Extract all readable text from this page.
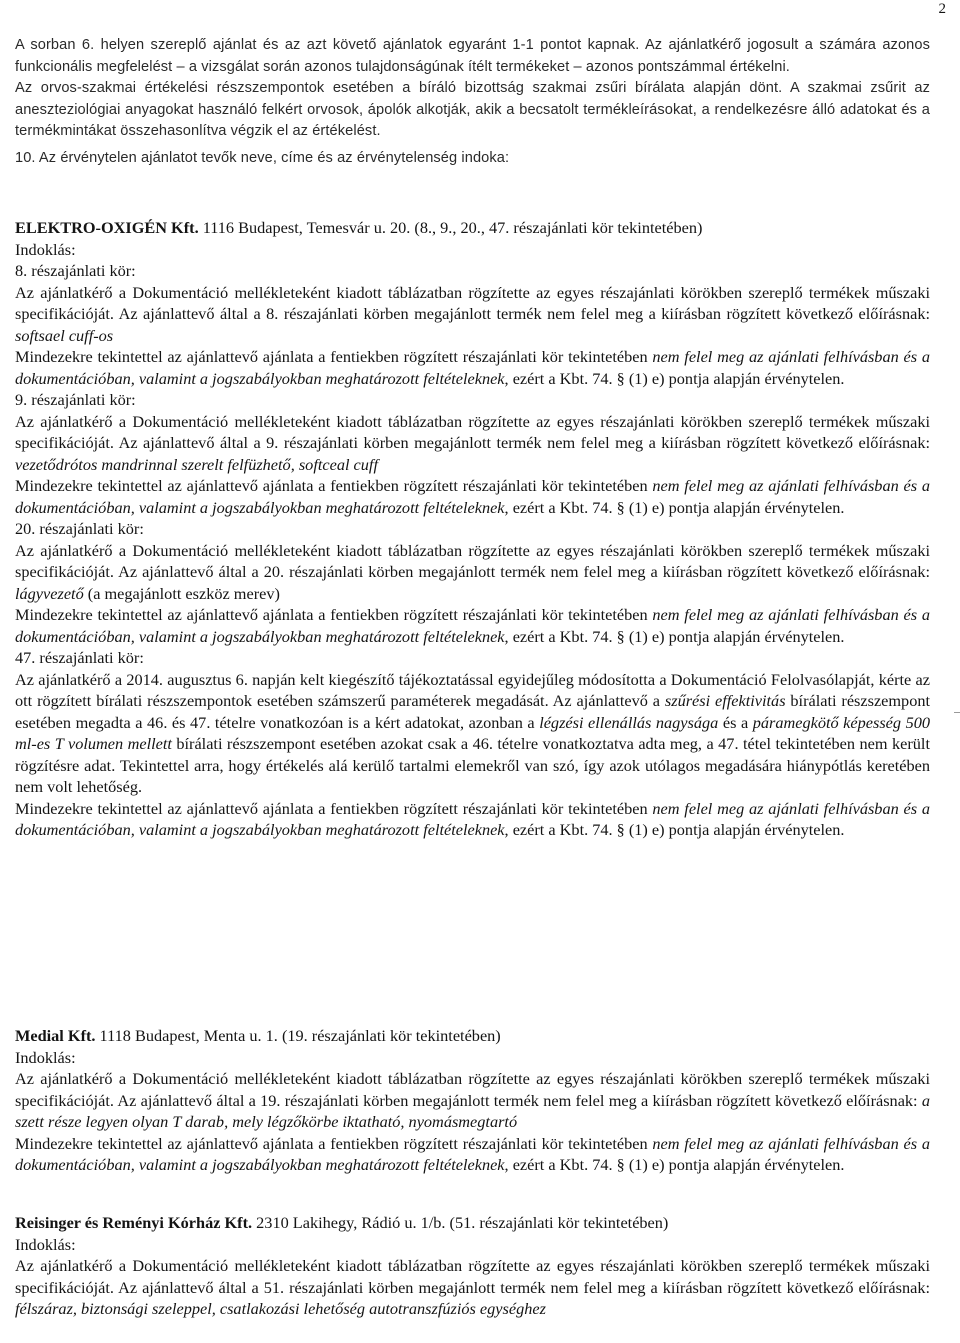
2

A sorban 6. helyen szereplő ajánlat és az azt követő ajánlatok egyaránt 1-1 pontot kapnak. Az ajánlatkérő jogosult a számára azonos funkcionális megfelelést – a vizsgálat során azonos tulajdonságúnak ítélt termékeket – azonos pontszámmal értékelni.

Az orvos-szakmai értékelési részszempontok esetében a bíráló bizottság szakmai zsűri bírálata alapján dönt. A szakmai zsűrit az aneszteziológiai anyagokat használó felkért orvosok, ápolók alkotják, akik a becsatolt termékleírásokat, a rendelkezésre álló adatokat és a termékmintákat összehasonlítva végzik el az értékelést.

10. Az érvénytelen ajánlatot tevők neve, címe és az érvénytelenség indoka:

ELEKTRO-OXIGÉN Kft. 1116 Budapest, Temesvár u. 20. (8., 9., 20., 47. részajánlati kör tekintetében)

Indoklás:

8. részajánlati kör:

Az ajánlatkérő a Dokumentáció mellékleteként kiadott táblázatban rögzítette az egyes részajánlati körökben szereplő termékek műszaki specifikációját. Az ajánlattevő által a 8. részajánlati körben megajánlott termék nem felel meg a kiírásban rögzített következő előírásnak: softsael cuff-os

Mindezekre tekintettel az ajánlattevő ajánlata a fentiekben rögzített részajánlati kör tekintetében nem felel meg az ajánlati felhívásban és a dokumentációban, valamint a jogszabályokban meghatározott feltételeknek, ezért a Kbt. 74. § (1) e) pontja alapján érvénytelen.

9. részajánlati kör:

Az ajánlatkérő a Dokumentáció mellékleteként kiadott táblázatban rögzítette az egyes részajánlati körökben szereplő termékek műszaki specifikációját. Az ajánlattevő által a 9. részajánlati körben megajánlott termék nem felel meg a kiírásban rögzített következő előírásnak: vezetődrótos mandrinnal szerelt felfüzhető, softceal cuff

Mindezekre tekintettel az ajánlattevő ajánlata a fentiekben rögzített részajánlati kör tekintetében nem felel meg az ajánlati felhívásban és a dokumentációban, valamint a jogszabályokban meghatározott feltételeknek, ezért a Kbt. 74. § (1) e) pontja alapján érvénytelen.

20. részajánlati kör:

Az ajánlatkérő a Dokumentáció mellékleteként kiadott táblázatban rögzítette az egyes részajánlati körökben szereplő termékek műszaki specifikációját. Az ajánlattevő által a 20. részajánlati körben megajánlott termék nem felel meg a kiírásban rögzített következő előírásnak: lágyvezető (a megajánlott eszköz merev)

Mindezekre tekintettel az ajánlattevő ajánlata a fentiekben rögzített részajánlati kör tekintetében nem felel meg az ajánlati felhívásban és a dokumentációban, valamint a jogszabályokban meghatározott feltételeknek, ezért a Kbt. 74. § (1) e) pontja alapján érvénytelen.

47. részajánlati kör:

Az ajánlatkérő a 2014. augusztus 6. napján kelt kiegészítő tájékoztatással egyidejűleg módosította a Dokumentáció Felolvasólapját, kérte az ott rögzített bírálati részszempontok esetében számszerű paraméterek megadását. Az ajánlattevő a szűrési effektivitás bírálati részszempont esetében megadta a 46. és 47. tételre vonatkozóan is a kért adatokat, azonban a légzési ellenállás nagysága és a páramegkötő képesség 500 ml-es T volumen mellett bírálati részszempont esetében azokat csak a 46. tételre vonatkoztatva adta meg, a 47. tétel tekintetében nem került rögzítésre adat. Tekintettel arra, hogy értékelés alá kerülő tartalmi elemekről van szó, így azok utólagos megadására hiánypótlás keretében nem volt lehetőség.

Mindezekre tekintettel az ajánlattevő ajánlata a fentiekben rögzített részajánlati kör tekintetében nem felel meg az ajánlati felhívásban és a dokumentációban, valamint a jogszabályokban meghatározott feltételeknek, ezért a Kbt. 74. § (1) e) pontja alapján érvénytelen.

Medial Kft. 1118 Budapest, Menta u. 1. (19. részajánlati kör tekintetében)

Indoklás:

Az ajánlatkérő a Dokumentáció mellékleteként kiadott táblázatban rögzítette az egyes részajánlati körökben szereplő termékek műszaki specifikációját. Az ajánlattevő által a 19. részajánlati körben megajánlott termék nem felel meg a kiírásban rögzített következő előírásnak: a szett része legyen olyan T darab, mely légzőkörbe iktatható, nyomásmegtartó

Mindezekre tekintettel az ajánlattevő ajánlata a fentiekben rögzített részajánlati kör tekintetében nem felel meg az ajánlati felhívásban és a dokumentációban, valamint a jogszabályokban meghatározott feltételeknek, ezért a Kbt. 74. § (1) e) pontja alapján érvénytelen.

Reisinger és Reményi Kórház Kft. 2310 Lakihegy, Rádió u. 1/b. (51. részajánlati kör tekintetében)

Indoklás:

Az ajánlatkérő a Dokumentáció mellékleteként kiadott táblázatban rögzítette az egyes részajánlati körökben szereplő termékek műszaki specifikációját. Az ajánlattevő által a 51. részajánlati körben megajánlott termék nem felel meg a kiírásban rögzített következő előírásnak: félszáraz, biztonsági szeleppel, csatlakozási lehetőség autotranszfúziós egységhez
